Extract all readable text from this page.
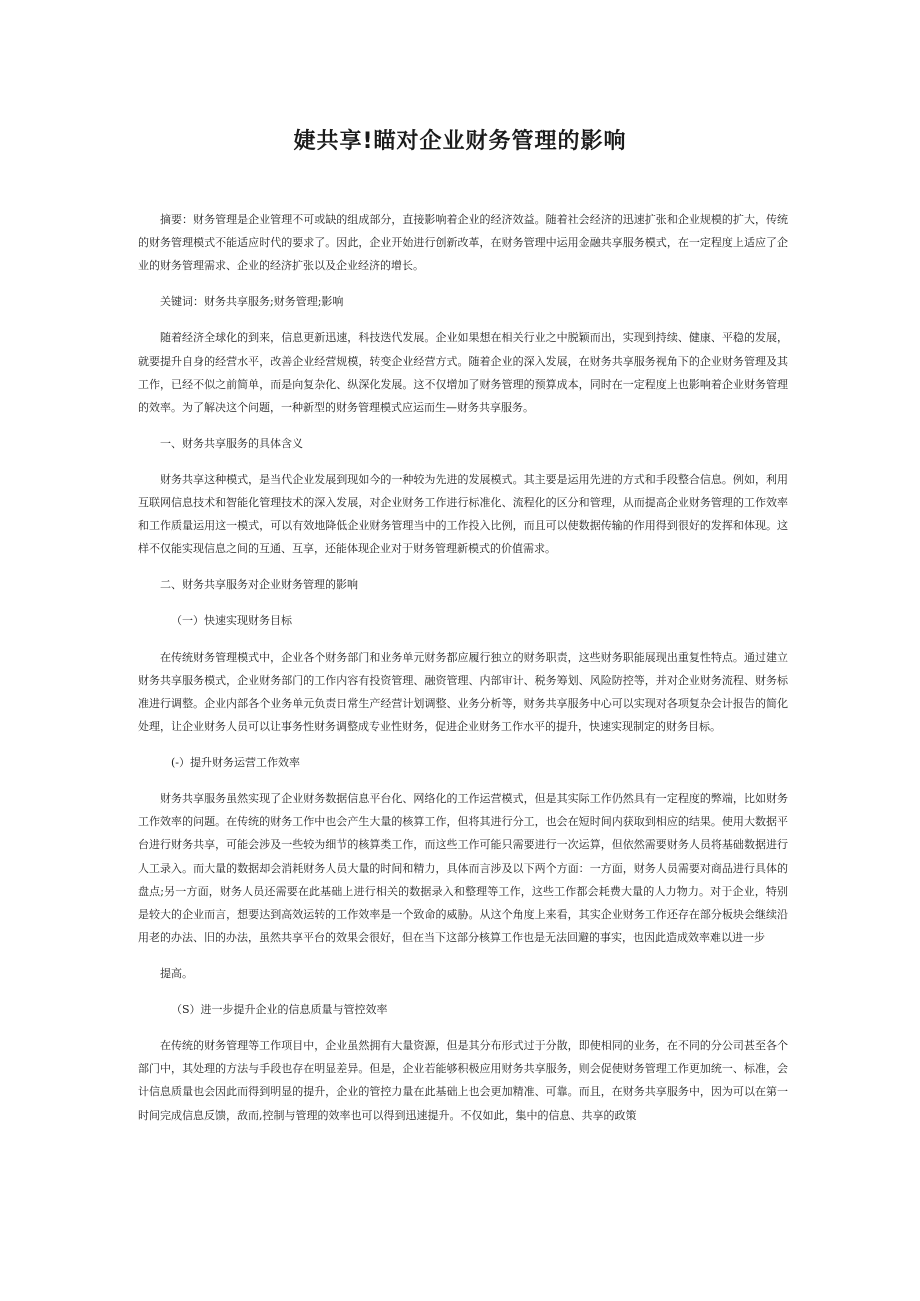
婕共享!瞄对企业财务管理的影响

摘要：财务管理是企业管理不可或缺的组成部分，直接影响着企业的经济效益。随着社会经济的迅速扩张和企业规模的扩大，传统的财务管理模式不能适应时代的要求了。因此，企业开始进行创新改革，在财务管理中运用金融共享服务模式，在一定程度上适应了企业的财务管理需求、企业的经济扩张以及企业经济的增长。

关键词：财务共享服务;财务管理;影响

随着经济全球化的到来，信息更新迅速，科技迭代发展。企业如果想在相关行业之中脱颖而出，实现到持续、健康、平稳的发展，就要提升自身的经营水平，改善企业经营规模，转变企业经营方式。随着企业的深入发展，在财务共享服务视角下的企业财务管理及其工作，已经不似之前简单，而是向复杂化、纵深化发展。这不仅增加了财务管理的预算成本，同时在一定程度上也影响着企业财务管理的效率。为了解决这个问题，一种新型的财务管理模式应运而生—财务共享服务。

一、财务共享服务的具体含义

财务共享这种模式，是当代企业发展到现如今的一种较为先进的发展模式。其主要是运用先进的方式和手段整合信息。例如，利用互联网信息技术和智能化管理技术的深入发展，对企业财务工作进行标准化、流程化的区分和管理，从而提高企业财务管理的工作效率和工作质量运用这一模式，可以有效地降低企业财务管理当中的工作投入比例，而且可以使数据传输的作用得到很好的发挥和体现。这样不仅能实现信息之间的互通、互享，还能体现企业对于财务管理新模式的价值需求。

二、财务共享服务对企业财务管理的影响

（一）快速实现财务目标

在传统财务管理模式中，企业各个财务部门和业务单元财务都应履行独立的财务职责，这些财务职能展现出重复性特点。通过建立财务共享服务模式，企业财务部门的工作内容有投资管理、融资管理、内部审计、税务筹划、风险防控等，并对企业财务流程、财务标准进行调整。企业内部各个业务单元负责日常生产经营计划调整、业务分析等，财务共享服务中心可以实现对各项复杂会计报告的简化处理，让企业财务人员可以让事务性财务调整成专业性财务，促进企业财务工作水平的提升，快速实现制定的财务目标。

(-）提升财务运营工作效率

财务共享服务虽然实现了企业财务数据信息平台化、网络化的工作运营模式，但是其实际工作仍然具有一定程度的弊端，比如财务工作效率的问题。在传统的财务工作中也会产生大量的核算工作，但将其进行分工，也会在短时间内获取到相应的结果。使用大数据平台进行财务共享，可能会涉及一些较为细节的核算类工作，而这些工作可能只需要进行一次运算，但依然需要财务人员将基础数据进行人工录入。而大量的数据却会消耗财务人员大量的时间和精力，具体而言涉及以下两个方面：一方面，财务人员需要对商品进行具体的盘点;另一方面，财务人员还需要在此基础上进行相关的数据录入和整理等工作，这些工作都会耗费大量的人力物力。对于企业，特别是较大的企业而言，想要达到高效运转的工作效率是一个致命的威胁。从这个角度上来看，其实企业财务工作还存在部分板块会继续沿用老的办法、旧的办法，虽然共享平台的效果会很好，但在当下这部分核算工作也是无法回避的事实，也因此造成效率难以进一步

提高。

（S）进一步提升企业的信息质量与管控效率

在传统的财务管理等工作项目中，企业虽然拥有大量资源，但是其分布形式过于分散，即使相同的业务，在不同的分公司甚至各个部门中，其处理的方法与手段也存在明显差异。但是，企业若能够积极应用财务共享服务，则会促使财务管理工作更加统一、标准，会计信息质量也会因此而得到明显的提升，企业的管控力量在此基础上也会更加精准、可靠。而且，在财务共享服务中，因为可以在第一时间完成信息反馈，敌而,控制与管理的效率也可以得到迅速提升。不仅如此，集中的信息、共享的政策
